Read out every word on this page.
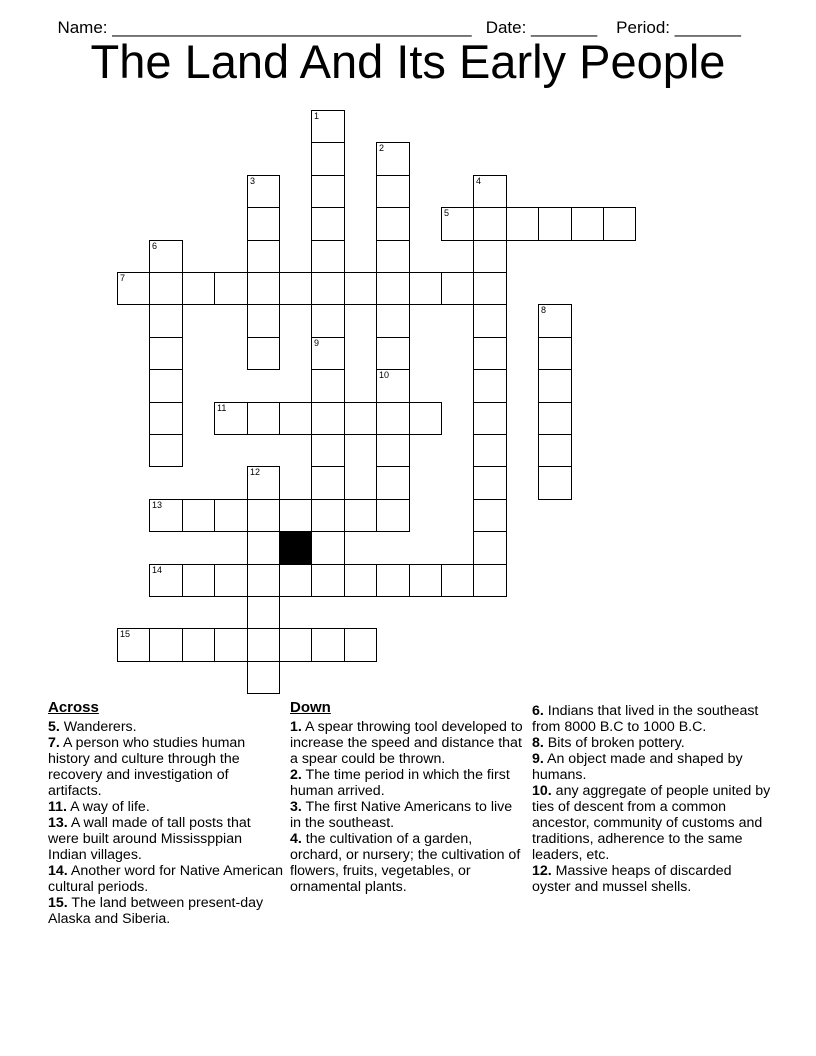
Name: ______________________________________ Date: _______ Period: _______

The Land And Its Early People
1
9
2
3	4
5
6
7
8
10
11
12
13
14
15
Across

5. Wanderers.

7. A person who studies human history and culture through the recovery and investigation of artifacts.

11. A way of life.

13. A wall made of tall posts that were built around Mississppian Indian villages.

14. Another word for Native American cultural periods.

15. The land between present-day Alaska and Siberia.

Down

1. A spear throwing tool developed to increase the speed and distance that a spear could be thrown.

2. The time period in which the first human arrived.

3. The first Native Americans to live in the southeast.

4. the cultivation of a garden, orchard, or nursery; the cultivation of flowers, fruits, vegetables, or ornamental plants.

6. Indians that lived in the southeast from 8000 B.C to 1000 B.C.

8. Bits of broken pottery.

9. An object made and shaped by humans.

10. any aggregate of people united by ties of descent from a common ancestor, community of customs and traditions, adherence to the same leaders, etc.

12. Massive heaps of discarded oyster and mussel shells.
